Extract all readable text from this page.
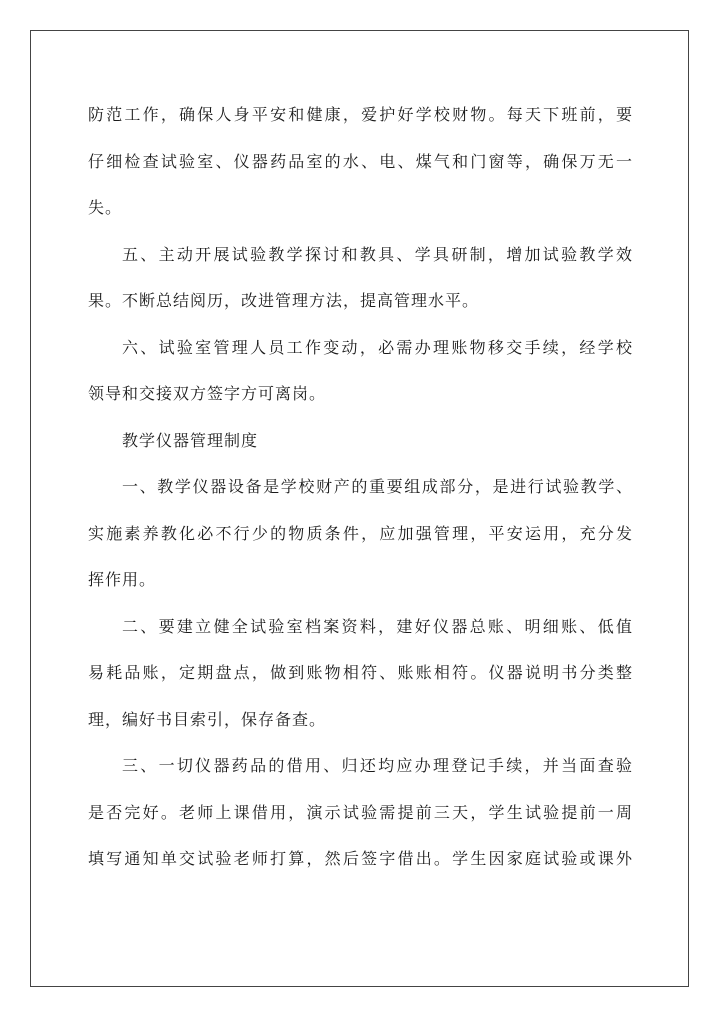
防范工作，确保人身平安和健康，爱护好学校财物。每天下班前，要
仔细检查试验室、仪器药品室的水、电、煤气和门窗等，确保万无一
失。
五、主动开展试验教学探讨和教具、学具研制，增加试验教学效
果。不断总结阅历，改进管理方法，提高管理水平。
六、试验室管理人员工作变动，必需办理账物移交手续，经学校
领导和交接双方签字方可离岗。
教学仪器管理制度
一、教学仪器设备是学校财产的重要组成部分，是进行试验教学、
实施素养教化必不行少的物质条件，应加强管理，平安运用，充分发
挥作用。
二、要建立健全试验室档案资料，建好仪器总账、明细账、低值
易耗品账，定期盘点，做到账物相符、账账相符。仪器说明书分类整
理，编好书目索引，保存备查。
三、一切仪器药品的借用、归还均应办理登记手续，并当面查验
是否完好。老师上课借用，演示试验需提前三天，学生试验提前一周
填写通知单交试验老师打算，然后签字借出。学生因家庭试验或课外
